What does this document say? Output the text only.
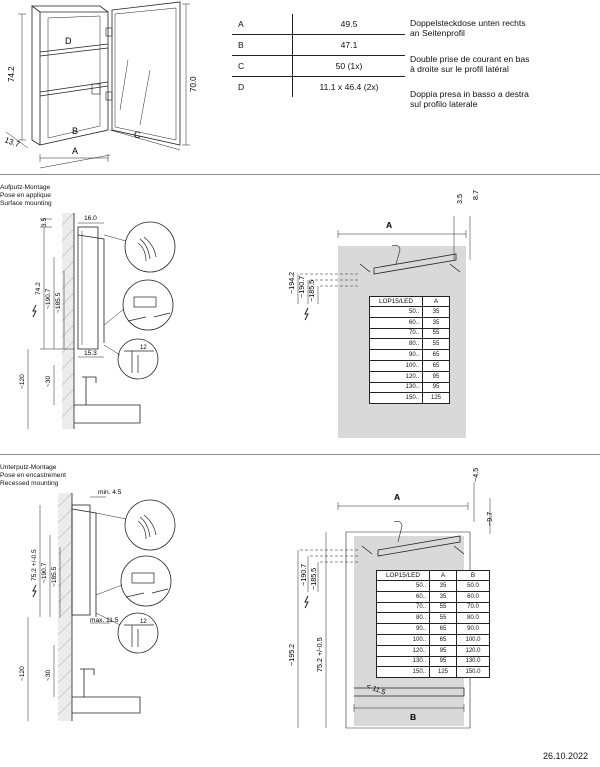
D
B
A
C
74.2
70.0
13.7
A	49.5
B	47.1
C	50 (1x)
D	11.1 x 46.4 (2x)
Doppelsteckdose unten rechts
an Seitenprofil
Double prise de courant en bas
à droite sur le profil latéral
Doppia presa in basso a destra
sul profilo laterale
Aufputz-Montage
Pose en applique
Surface mounting
3.5	16.0
74.2
~190.7 ~185.5
15.3
~120	~30
12
A
3.5 8.7
~194.2 ~190.7 ~185.5	LOP15/LED	A
50..	35
60..	35
70..	55
80..	55
90..	65
100..	65
120..	95
130..	95
150..	125
Unterputz-Montage
Pose en encastrement
Recessed mounting
min. 4.5
75.2 +/-0.5 ~190.7 ~185.5
max. 11.5
~120	~30
12
A
B
~4.5
~9.7
~190.7 ~185.5
~195.2	75.2 +/-0.5
< 11.5
LOP15/LED	A	B
50..	35	50.0
60..	35	60.0
70..	55	70.0
80..	55	80.0
90..	65	90.0
100..	65	100.0
120..	95	120.0
130..	95	130.0
150..	125	150.0
26.10.2022
